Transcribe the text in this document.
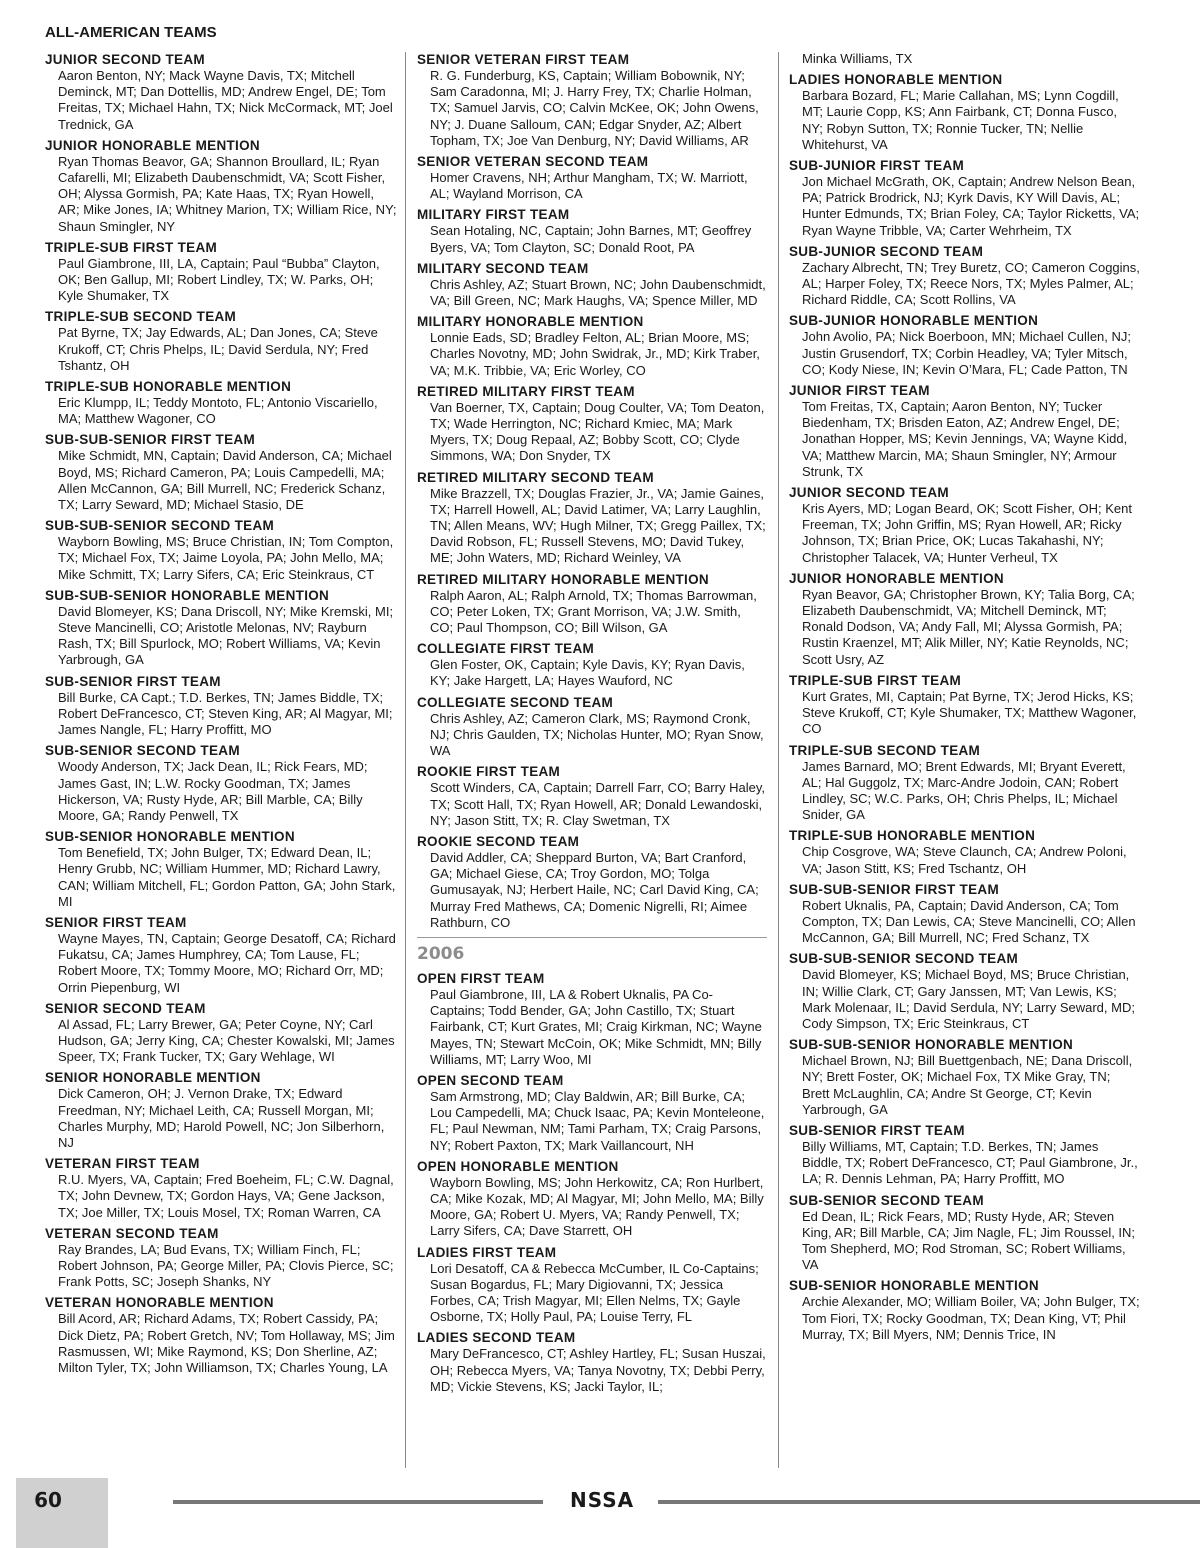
ALL-AMERICAN TEAMS
JUNIOR SECOND TEAM

Aaron Benton, NY; Mack Wayne Davis, TX; Mitchell Deminck, MT; Dan Dottellis, MD; Andrew Engel, DE; Tom Freitas, TX; Michael Hahn, TX; Nick McCormack, MT; Joel Trednick, GA

JUNIOR HONORABLE MENTION

Ryan Thomas Beavor, GA; Shannon Broullard, IL; Ryan Cafarelli, MI; Elizabeth Daubenschmidt, VA; Scott Fisher, OH; Alyssa Gormish, PA; Kate Haas, TX; Ryan Howell, AR; Mike Jones, IA; Whitney Marion, TX; William Rice, NY; Shaun Smingler, NY

TRIPLE-SUB FIRST TEAM

Paul Giambrone, III, LA, Captain; Paul “Bubba” Clayton, OK; Ben Gallup, MI; Robert Lindley, TX; W. Parks, OH; Kyle Shumaker, TX

TRIPLE-SUB SECOND TEAM

Pat Byrne, TX; Jay Edwards, AL; Dan Jones, CA; Steve Krukoff, CT; Chris Phelps, IL; David Serdula, NY; Fred Tshantz, OH

TRIPLE-SUB HONORABLE MENTION

Eric Klumpp, IL; Teddy Montoto, FL; Antonio Viscariello, MA; Matthew Wagoner, CO

SUB-SUB-SENIOR FIRST TEAM

Mike Schmidt, MN, Captain; David Anderson, CA; Michael Boyd, MS; Richard Cameron, PA; Louis Campedelli, MA; Allen McCannon, GA; Bill Murrell, NC; Frederick Schanz, TX; Larry Seward, MD; Michael Stasio, DE

SUB-SUB-SENIOR SECOND TEAM

Wayborn Bowling, MS; Bruce Christian, IN; Tom Compton, TX; Michael Fox, TX; Jaime Loyola, PA; John Mello, MA; Mike Schmitt, TX; Larry Sifers, CA; Eric Steinkraus, CT

SUB-SUB-SENIOR HONORABLE MENTION

David Blomeyer, KS; Dana Driscoll, NY; Mike Kremski, MI; Steve Mancinelli, CO; Aristotle Melonas, NV; Rayburn Rash, TX; Bill Spurlock, MO; Robert Williams, VA; Kevin Yarbrough, GA

SUB-SENIOR FIRST TEAM

Bill Burke, CA Capt.; T.D. Berkes, TN; James Biddle, TX; Robert DeFrancesco, CT; Steven King, AR; Al Magyar, MI; James Nangle, FL; Harry Proffitt, MO

SUB-SENIOR SECOND TEAM

Woody Anderson, TX; Jack Dean, IL; Rick Fears, MD; James Gast, IN; L.W. Rocky Goodman, TX; James Hickerson, VA; Rusty Hyde, AR; Bill Marble, CA; Billy Moore, GA; Randy Penwell, TX

SUB-SENIOR HONORABLE MENTION

Tom Benefield, TX; John Bulger, TX; Edward Dean, IL; Henry Grubb, NC; William Hummer, MD; Richard Lawry, CAN; William Mitchell, FL; Gordon Patton, GA; John Stark, MI

SENIOR FIRST TEAM

Wayne Mayes, TN, Captain; George Desatoff, CA; Richard Fukatsu, CA; James Humphrey, CA; Tom Lause, FL; Robert Moore, TX; Tommy Moore, MO; Richard Orr, MD; Orrin Piepenburg, WI

SENIOR SECOND TEAM

Al Assad, FL; Larry Brewer, GA; Peter Coyne, NY; Carl Hudson, GA; Jerry King, CA; Chester Kowalski, MI; James Speer, TX; Frank Tucker, TX; Gary Wehlage, WI

SENIOR HONORABLE MENTION

Dick Cameron, OH; J. Vernon Drake, TX; Edward Freedman, NY; Michael Leith, CA; Russell Morgan, MI; Charles Murphy, MD; Harold Powell, NC; Jon Silberhorn, NJ

VETERAN FIRST TEAM

R.U. Myers, VA, Captain; Fred Boeheim, FL; C.W. Dagnal, TX; John Devnew, TX; Gordon Hays, VA; Gene Jackson, TX; Joe Miller, TX; Louis Mosel, TX; Roman Warren, CA

VETERAN SECOND TEAM

Ray Brandes, LA; Bud Evans, TX; William Finch, FL; Robert Johnson, PA; George Miller, PA; Clovis Pierce, SC; Frank Potts, SC; Joseph Shanks, NY

VETERAN HONORABLE MENTION

Bill Acord, AR; Richard Adams, TX; Robert Cassidy, PA; Dick Dietz, PA; Robert Gretch, NV; Tom Hollaway, MS; Jim Rasmussen, WI; Mike Raymond, KS; Don Sherline, AZ; Milton Tyler, TX; John Williamson, TX; Charles Young, LA

SENIOR VETERAN FIRST TEAM

R. G. Funderburg, KS, Captain; William Bobownik, NY; Sam Caradonna, MI; J. Harry Frey, TX; Charlie Holman, TX; Samuel Jarvis, CO; Calvin McKee, OK; John Owens, NY; J. Duane Salloum, CAN; Edgar Snyder, AZ; Albert Topham, TX; Joe Van Denburg, NY; David Williams, AR

SENIOR VETERAN SECOND TEAM

Homer Cravens, NH; Arthur Mangham, TX; W. Marriott, AL; Wayland Morrison, CA

MILITARY FIRST TEAM

Sean Hotaling, NC, Captain; John Barnes, MT; Geoffrey Byers, VA; Tom Clayton, SC; Donald Root, PA

MILITARY SECOND TEAM

Chris Ashley, AZ; Stuart Brown, NC; John Daubenschmidt, VA; Bill Green, NC; Mark Haughs, VA; Spence Miller, MD

MILITARY HONORABLE MENTION

Lonnie Eads, SD; Bradley Felton, AL; Brian Moore, MS; Charles Novotny, MD; John Swidrak, Jr., MD; Kirk Traber, VA; M.K. Tribbie, VA; Eric Worley, CO

RETIRED MILITARY FIRST TEAM

Van Boerner, TX, Captain; Doug Coulter, VA; Tom Deaton, TX; Wade Herrington, NC; Richard Kmiec, MA; Mark Myers, TX; Doug Repaal, AZ; Bobby Scott, CO; Clyde Simmons, WA; Don Snyder, TX

RETIRED MILITARY SECOND TEAM

Mike Brazzell, TX; Douglas Frazier, Jr., VA; Jamie Gaines, TX; Harrell Howell, AL; David Latimer, VA; Larry Laughlin, TN; Allen Means, WV; Hugh Milner, TX; Gregg Paillex, TX; David Robson, FL; Russell Stevens, MO; David Tukey, ME; John Waters, MD; Richard Weinley, VA

RETIRED MILITARY HONORABLE MENTION

Ralph Aaron, AL; Ralph Arnold, TX; Thomas Barrowman, CO; Peter Loken, TX; Grant Morrison, VA; J.W. Smith, CO; Paul Thompson, CO; Bill Wilson, GA

COLLEGIATE FIRST TEAM

Glen Foster, OK, Captain; Kyle Davis, KY; Ryan Davis, KY; Jake Hargett, LA; Hayes Wauford, NC

COLLEGIATE SECOND TEAM

Chris Ashley, AZ; Cameron Clark, MS; Raymond Cronk, NJ; Chris Gaulden, TX; Nicholas Hunter, MO; Ryan Snow, WA

ROOKIE FIRST TEAM

Scott Winders, CA, Captain; Darrell Farr, CO; Barry Haley, TX; Scott Hall, TX; Ryan Howell, AR; Donald Lewandoski, NY; Jason Stitt, TX; R. Clay Swetman, TX

ROOKIE SECOND TEAM

David Addler, CA; Sheppard Burton, VA; Bart Cranford, GA; Michael Giese, CA; Troy Gordon, MO; Tolga Gumusayak, NJ; Herbert Haile, NC; Carl David King, CA; Murray Fred Mathews, CA; Domenic Nigrelli, RI; Aimee Rathburn, CO

2006
OPEN FIRST TEAM

Paul Giambrone, III, LA & Robert Uknalis, PA Co-Captains; Todd Bender, GA; John Castillo, TX; Stuart Fairbank, CT; Kurt Grates, MI; Craig Kirkman, NC; Wayne Mayes, TN; Stewart McCoin, OK; Mike Schmidt, MN; Billy Williams, MT; Larry Woo, MI

OPEN SECOND TEAM

Sam Armstrong, MD; Clay Baldwin, AR; Bill Burke, CA; Lou Campedelli, MA; Chuck Isaac, PA; Kevin Monteleone, FL; Paul Newman, NM; Tami Parham, TX; Craig Parsons, NY; Robert Paxton, TX; Mark Vaillancourt, NH

OPEN HONORABLE MENTION

Wayborn Bowling, MS; John Herkowitz, CA; Ron Hurlbert, CA; Mike Kozak, MD; Al Magyar, MI; John Mello, MA; Billy Moore, GA; Robert U. Myers, VA; Randy Penwell, TX; Larry Sifers, CA; Dave Starrett, OH

LADIES FIRST TEAM

Lori Desatoff, CA & Rebecca McCumber, IL Co-Captains; Susan Bogardus, FL; Mary Digiovanni, TX; Jessica Forbes, CA; Trish Magyar, MI; Ellen Nelms, TX; Gayle Osborne, TX; Holly Paul, PA; Louise Terry, FL

LADIES SECOND TEAM

Mary DeFrancesco, CT; Ashley Hartley, FL; Susan Huszai, OH; Rebecca Myers, VA; Tanya Novotny, TX; Debbi Perry, MD; Vickie Stevens, KS; Jacki Taylor, IL;

Minka Williams, TX

LADIES HONORABLE MENTION

Barbara Bozard, FL; Marie Callahan, MS; Lynn Cogdill, MT; Laurie Copp, KS; Ann Fairbank, CT; Donna Fusco, NY; Robyn Sutton, TX; Ronnie Tucker, TN; Nellie Whitehurst, VA

SUB-JUNIOR FIRST TEAM

Jon Michael McGrath, OK, Captain; Andrew Nelson Bean, PA; Patrick Brodrick, NJ; Kyrk Davis, KY Will Davis, AL; Hunter Edmunds, TX; Brian Foley, CA; Taylor Ricketts, VA; Ryan Wayne Tribble, VA; Carter Wehrheim, TX

SUB-JUNIOR SECOND TEAM

Zachary Albrecht, TN; Trey Buretz, CO; Cameron Coggins, AL; Harper Foley, TX; Reece Nors, TX; Myles Palmer, AL; Richard Riddle, CA; Scott Rollins, VA

SUB-JUNIOR HONORABLE MENTION

John Avolio, PA; Nick Boerboon, MN; Michael Cullen, NJ; Justin Grusendorf, TX; Corbin Headley, VA; Tyler Mitsch, CO; Kody Niese, IN; Kevin O’Mara, FL; Cade Patton, TN

JUNIOR FIRST TEAM

Tom Freitas, TX, Captain; Aaron Benton, NY; Tucker Biedenham, TX; Brisden Eaton, AZ; Andrew Engel, DE; Jonathan Hopper, MS; Kevin Jennings, VA; Wayne Kidd, VA; Matthew Marcin, MA; Shaun Smingler, NY; Armour Strunk, TX

JUNIOR SECOND TEAM

Kris Ayers, MD; Logan Beard, OK; Scott Fisher, OH; Kent Freeman, TX; John Griffin, MS; Ryan Howell, AR; Ricky Johnson, TX; Brian Price, OK; Lucas Takahashi, NY; Christopher Talacek, VA; Hunter Verheul, TX

JUNIOR HONORABLE MENTION

Ryan Beavor, GA; Christopher Brown, KY; Talia Borg, CA; Elizabeth Daubenschmidt, VA; Mitchell Deminck, MT; Ronald Dodson, VA; Andy Fall, MI; Alyssa Gormish, PA; Rustin Kraenzel, MT; Alik Miller, NY; Katie Reynolds, NC; Scott Usry, AZ

TRIPLE-SUB FIRST TEAM

Kurt Grates, MI, Captain; Pat Byrne, TX; Jerod Hicks, KS; Steve Krukoff, CT; Kyle Shumaker, TX; Matthew Wagoner, CO

TRIPLE-SUB SECOND TEAM

James Barnard, MO; Brent Edwards, MI; Bryant Everett, AL; Hal Guggolz, TX; Marc-Andre Jodoin, CAN; Robert Lindley, SC; W.C. Parks, OH; Chris Phelps, IL; Michael Snider, GA

TRIPLE-SUB HONORABLE MENTION

Chip Cosgrove, WA; Steve Claunch, CA; Andrew Poloni, VA; Jason Stitt, KS; Fred Tschantz, OH

SUB-SUB-SENIOR FIRST TEAM

Robert Uknalis, PA, Captain; David Anderson, CA; Tom Compton, TX; Dan Lewis, CA; Steve Mancinelli, CO; Allen McCannon, GA; Bill Murrell, NC; Fred Schanz, TX

SUB-SUB-SENIOR SECOND TEAM

David Blomeyer, KS; Michael Boyd, MS; Bruce Christian, IN; Willie Clark, CT; Gary Janssen, MT; Van Lewis, KS; Mark Molenaar, IL; David Serdula, NY; Larry Seward, MD; Cody Simpson, TX; Eric Steinkraus, CT

SUB-SUB-SENIOR HONORABLE MENTION

Michael Brown, NJ; Bill Buettgenbach, NE; Dana Driscoll, NY; Brett Foster, OK; Michael Fox, TX Mike Gray, TN; Brett McLaughlin, CA; Andre St George, CT; Kevin Yarbrough, GA

SUB-SENIOR FIRST TEAM

Billy Williams, MT, Captain; T.D. Berkes, TN; James Biddle, TX; Robert DeFrancesco, CT; Paul Giambrone, Jr., LA; R. Dennis Lehman, PA; Harry Proffitt, MO

SUB-SENIOR SECOND TEAM

Ed Dean, IL; Rick Fears, MD; Rusty Hyde, AR; Steven King, AR; Bill Marble, CA; Jim Nagle, FL; Jim Roussel, IN; Tom Shepherd, MO; Rod Stroman, SC; Robert Williams, VA

SUB-SENIOR HONORABLE MENTION

Archie Alexander, MO; William Boiler, VA; John Bulger, TX; Tom Fiori, TX; Rocky Goodman, TX; Dean King, VT; Phil Murray, TX; Bill Myers, NM; Dennis Trice, IN

60	NSSA
